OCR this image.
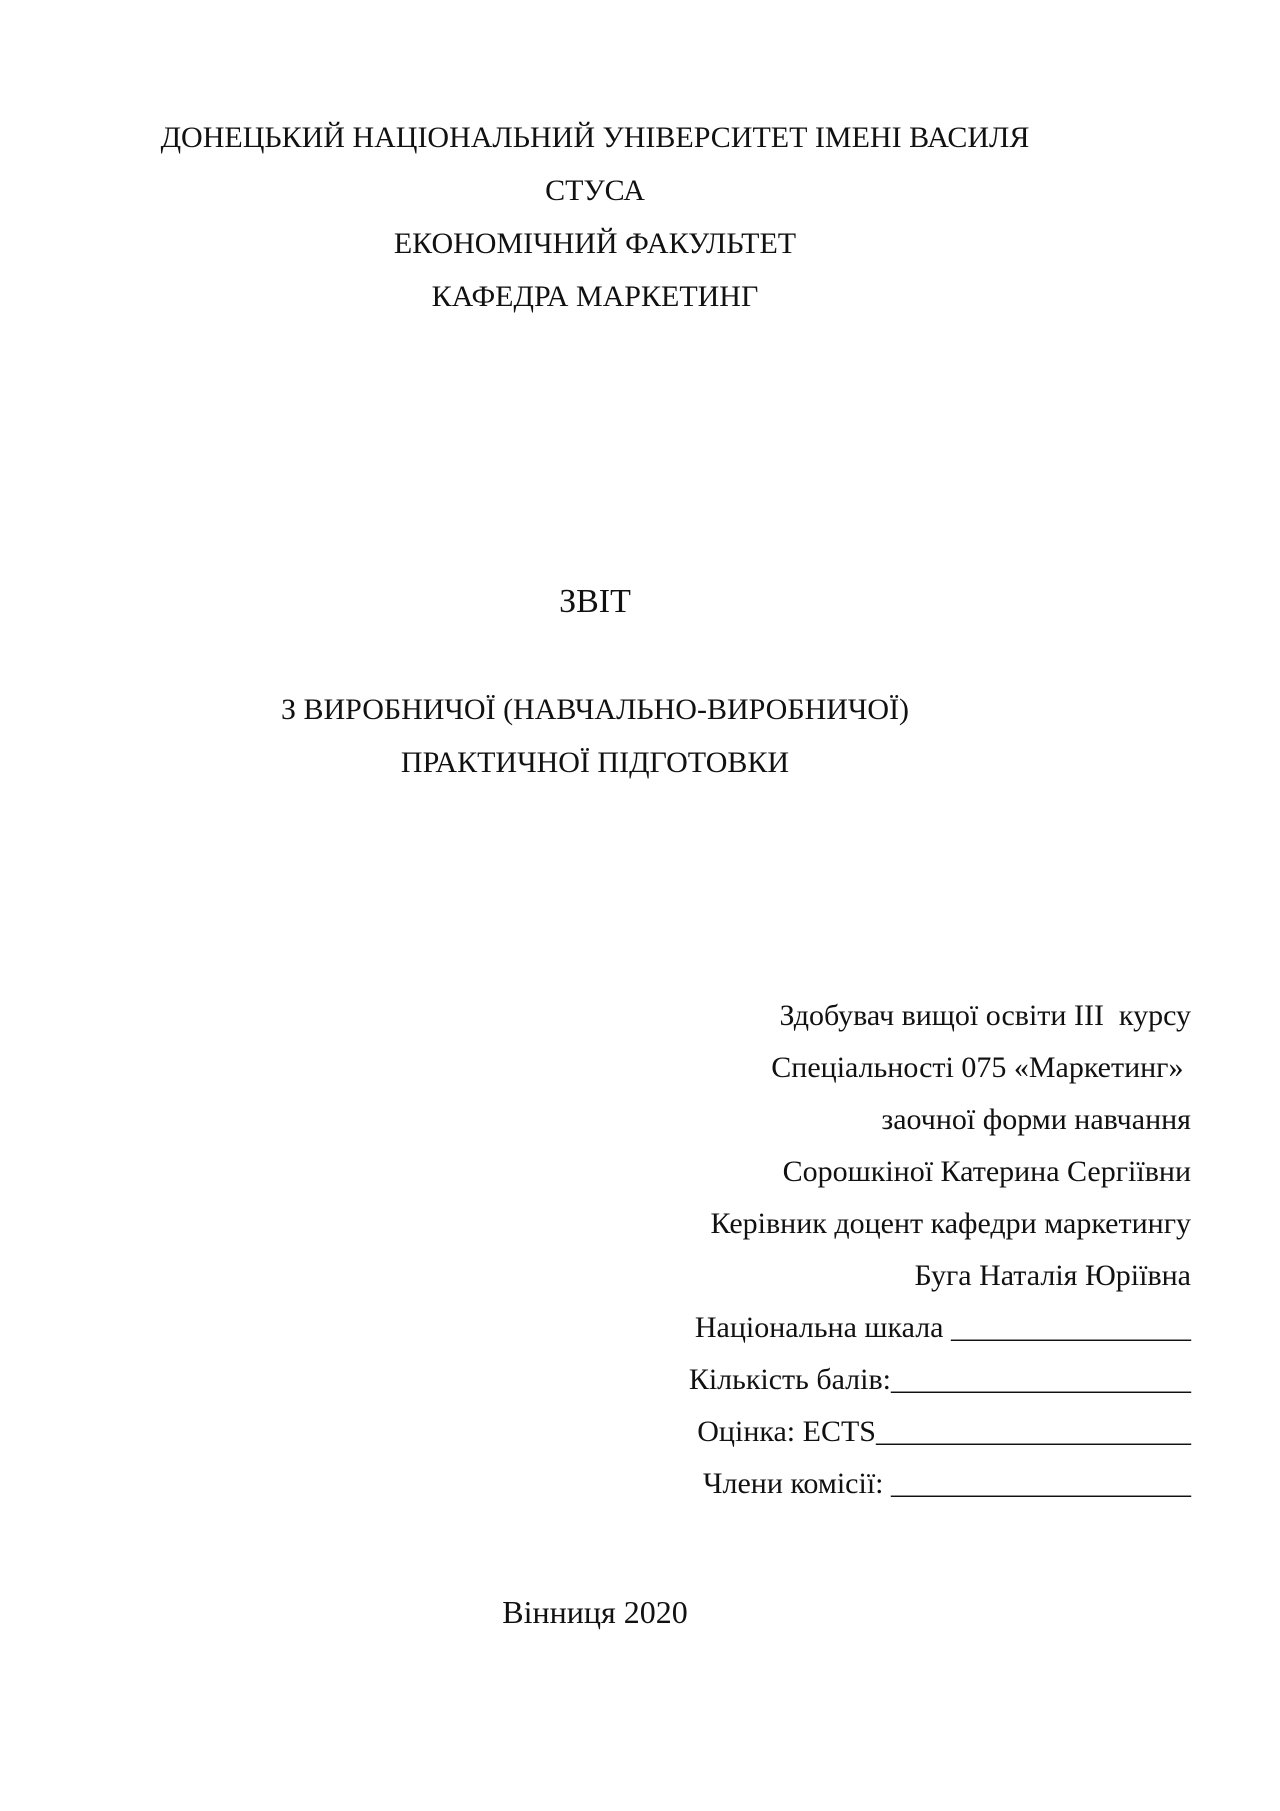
ДОНЕЦЬКИЙ НАЦІОНАЛЬНИЙ УНІВЕРСИТЕТ ІМЕНІ ВАСИЛЯ
СТУСА
ЕКОНОМІЧНИЙ ФАКУЛЬТЕТ
КАФЕДРА МАРКЕТИНГ
ЗВІТ
З ВИРОБНИЧОЇ (НАВЧАЛЬНО-ВИРОБНИЧОЇ)
ПРАКТИЧНОЇ ПІДГОТОВКИ
Здобувач вищої освіти ІІІ  курсу
Спеціальності 075 «Маркетинг»
заочної форми навчання
Сорошкіної Катерина Сергіївни
Керівник доцент кафедри маркетингу
Буга Наталія Юріївна
Національна шкала ________________
Кількість балів:____________________
Оцінка: ECTS_____________________
Члени комісії: ____________________
Вінниця 2020
